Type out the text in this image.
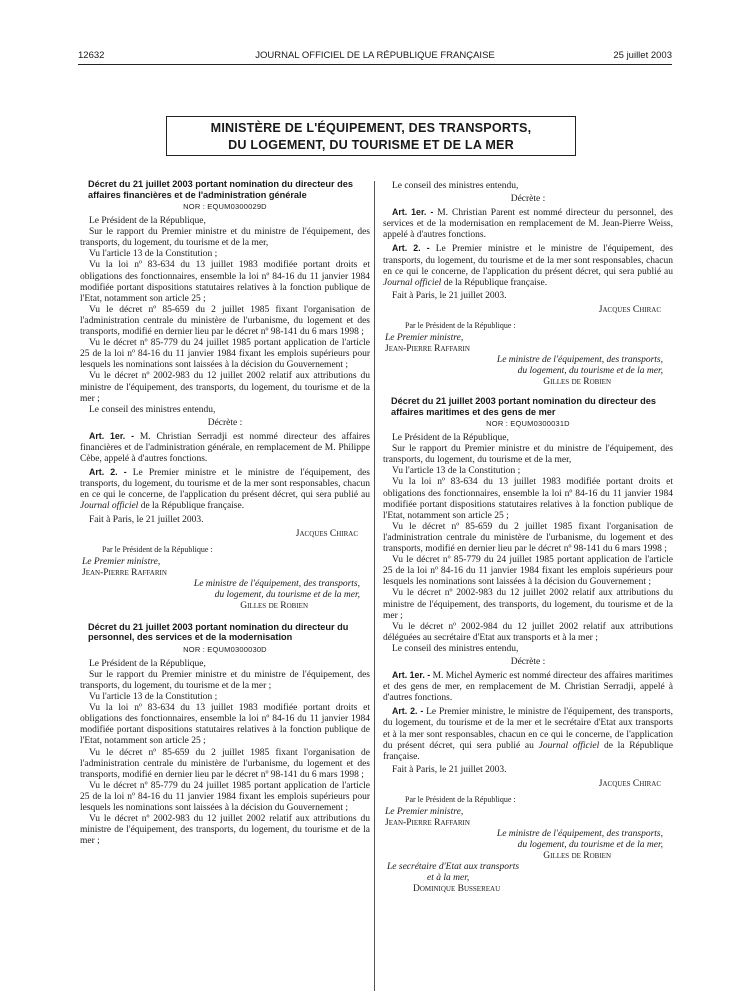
12632	JOURNAL OFFICIEL DE LA RÉPUBLIQUE FRANÇAISE	25 juillet 2003
MINISTÈRE DE L'ÉQUIPEMENT, DES TRANSPORTS,
DU LOGEMENT, DU TOURISME ET DE LA MER
Décret du 21 juillet 2003 portant nomination du directeur des affaires financières et de l'administration générale
NOR : EQUM0300029D

Le Président de la République,

Sur le rapport du Premier ministre et du ministre de l'équipement, des transports, du logement, du tourisme et de la mer,

Vu l'article 13 de la Constitution ;

Vu la loi nº 83-634 du 13 juillet 1983 modifiée portant droits et obligations des fonctionnaires, ensemble la loi nº 84-16 du 11 janvier 1984 modifiée portant dispositions statutaires relatives à la fonction publique de l'Etat, notamment son article 25 ;

Vu le décret nº 85-659 du 2 juillet 1985 fixant l'organisation de l'administration centrale du ministère de l'urbanisme, du logement et des transports, modifié en dernier lieu par le décret nº 98-141 du 6 mars 1998 ;

Vu le décret nº 85-779 du 24 juillet 1985 portant application de l'article 25 de la loi nº 84-16 du 11 janvier 1984 fixant les emplois supérieurs pour lesquels les nominations sont laissées à la décision du Gouvernement ;

Vu le décret nº 2002-983 du 12 juillet 2002 relatif aux attributions du ministre de l'équipement, des transports, du logement, du tourisme et de la mer ;

Le conseil des ministres entendu,

Décrète :

Art. 1er. - M. Christian Serradji est nommé directeur des affaires financières et de l'administration générale, en remplacement de M. Philippe Cèbe, appelé à d'autres fonctions.

Art. 2. - Le Premier ministre et le ministre de l'équipement, des transports, du logement, du tourisme et de la mer sont responsables, chacun en ce qui le concerne, de l'application du présent décret, qui sera publié au Journal officiel de la République française.

Fait à Paris, le 21 juillet 2003.

Jacques Chirac

Par le Président de la République :

Le Premier ministre,

Jean-Pierre Raffarin

Le ministre de l'équipement, des transports,

du logement, du tourisme et de la mer,

Gilles de Robien

Décret du 21 juillet 2003 portant nomination du directeur du personnel, des services et de la modernisation
NOR : EQUM0300030D

Le Président de la République,

Sur le rapport du Premier ministre et du ministre de l'équipement, des transports, du logement, du tourisme et de la mer ;

Vu l'article 13 de la Constitution ;

Vu la loi nº 83-634 du 13 juillet 1983 modifiée portant droits et obligations des fonctionnaires, ensemble la loi nº 84-16 du 11 janvier 1984 modifiée portant dispositions statutaires relatives à la fonction publique de l'Etat, notamment son article 25 ;

Vu le décret nº 85-659 du 2 juillet 1985 fixant l'organisation de l'administration centrale du ministère de l'urbanisme, du logement et des transports, modifié en dernier lieu par le décret nº 98-141 du 6 mars 1998 ;

Vu le décret nº 85-779 du 24 juillet 1985 portant application de l'article 25 de la loi nº 84-16 du 11 janvier 1984 fixant les emplois supérieurs pour lesquels les nominations sont laissées à la décision du Gouvernement ;

Vu le décret nº 2002-983 du 12 juillet 2002 relatif aux attributions du ministre de l'équipement, des transports, du logement, du tourisme et de la mer ;

Le conseil des ministres entendu,

Décrète :

Art. 1er. - M. Christian Parent est nommé directeur du personnel, des services et de la modernisation en remplacement de M. Jean-Pierre Weiss, appelé à d'autres fonctions.

Art. 2. - Le Premier ministre et le ministre de l'équipement, des transports, du logement, du tourisme et de la mer sont responsables, chacun en ce qui le concerne, de l'application du présent décret, qui sera publié au Journal officiel de la République française.

Fait à Paris, le 21 juillet 2003.

Jacques Chirac

Par le Président de la République :

Le Premier ministre,

Jean-Pierre Raffarin

Le ministre de l'équipement, des transports,

du logement, du tourisme et de la mer,

Gilles de Robien

Décret du 21 juillet 2003 portant nomination du directeur des affaires maritimes et des gens de mer
NOR : EQUM0300031D

Le Président de la République,

Sur le rapport du Premier ministre et du ministre de l'équipement, des transports, du logement, du tourisme et de la mer,

Vu l'article 13 de la Constitution ;

Vu la loi nº 83-634 du 13 juillet 1983 modifiée portant droits et obligations des fonctionnaires, ensemble la loi nº 84-16 du 11 janvier 1984 modifiée portant dispositions statutaires relatives à la fonction publique de l'Etat, notamment son article 25 ;

Vu le décret nº 85-659 du 2 juillet 1985 fixant l'organisation de l'administration centrale du ministère de l'urbanisme, du logement et des transports, modifié en dernier lieu par le décret nº 98-141 du 6 mars 1998 ;

Vu le décret nº 85-779 du 24 juillet 1985 portant application de l'article 25 de la loi nº 84-16 du 11 janvier 1984 fixant les emplois supérieurs pour lesquels les nominations sont laissées à la décision du Gouvernement ;

Vu le décret nº 2002-983 du 12 juillet 2002 relatif aux attributions du ministre de l'équipement, des transports, du logement, du tourisme et de la mer ;

Vu le décret nº 2002-984 du 12 juillet 2002 relatif aux attributions déléguées au secrétaire d'Etat aux transports et à la mer ;

Le conseil des ministres entendu,

Décrète :

Art. 1er. - M. Michel Aymeric est nommé directeur des affaires maritimes et des gens de mer, en remplacement de M. Christian Serradji, appelé à d'autres fonctions.

Art. 2. - Le Premier ministre, le ministre de l'équipement, des transports, du logement, du tourisme et de la mer et le secrétaire d'Etat aux transports et à la mer sont responsables, chacun en ce qui le concerne, de l'application du présent décret, qui sera publié au Journal officiel de la République française.

Fait à Paris, le 21 juillet 2003.

Jacques Chirac

Par le Président de la République :

Le Premier ministre,

Jean-Pierre Raffarin

Le ministre de l'équipement, des transports,

du logement, du tourisme et de la mer,

Gilles de Robien

Le secrétaire d'Etat aux transports

et à la mer,

Dominique Bussereau
